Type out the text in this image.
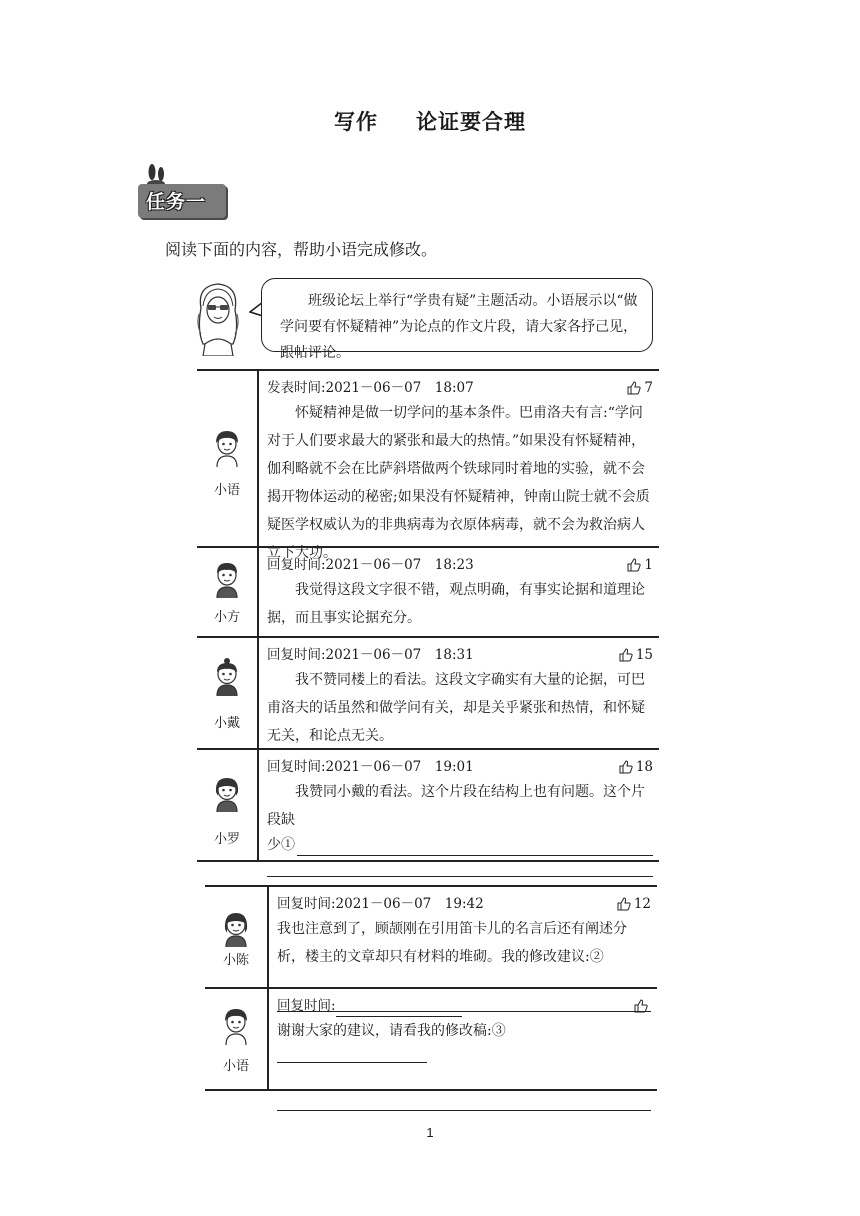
写作 论证要合理
任务一
阅读下面的内容，帮助小语完成修改。

班级论坛上举行“学贵有疑”主题活动。小语展示以“做学问要有怀疑精神”为论点的作文片段，请大家各抒己见，跟帖评论。

小语
发表时间:2021－06－07　18:07	7

怀疑精神是做一切学问的基本条件。巴甫洛夫有言:“学问对于人们要求最大的紧张和最大的热情。”如果没有怀疑精神，伽利略就不会在比萨斜塔做两个铁球同时着地的实验，就不会揭开物体运动的秘密;如果没有怀疑精神，钟南山院士就不会质疑医学权威认为的非典病毒为衣原体病毒，就不会为救治病人立下大功。

小方
回复时间:2021－06－07　18:23	1

我觉得这段文字很不错，观点明确，有事实论据和道理论据，而且事实论据充分。

小戴
回复时间:2021－06－07　18:31	15

我不赞同楼上的看法。这段文字确实有大量的论据，可巴甫洛夫的话虽然和做学问有关，却是关乎紧张和热情，和怀疑无关，和论点无关。

小罗
回复时间:2021－06－07　19:01	18

我赞同小戴的看法。这个片段在结构上也有问题。这个片段缺

少①
小陈
回复时间:2021－06－07　19:42	12

我也注意到了，顾颉刚在引用笛卡儿的名言后还有阐述分析，楼主的文章却只有材料的堆砌。我的修改建议:②

小语
回复时间:

谢谢大家的建议，请看我的修改稿:③

1
